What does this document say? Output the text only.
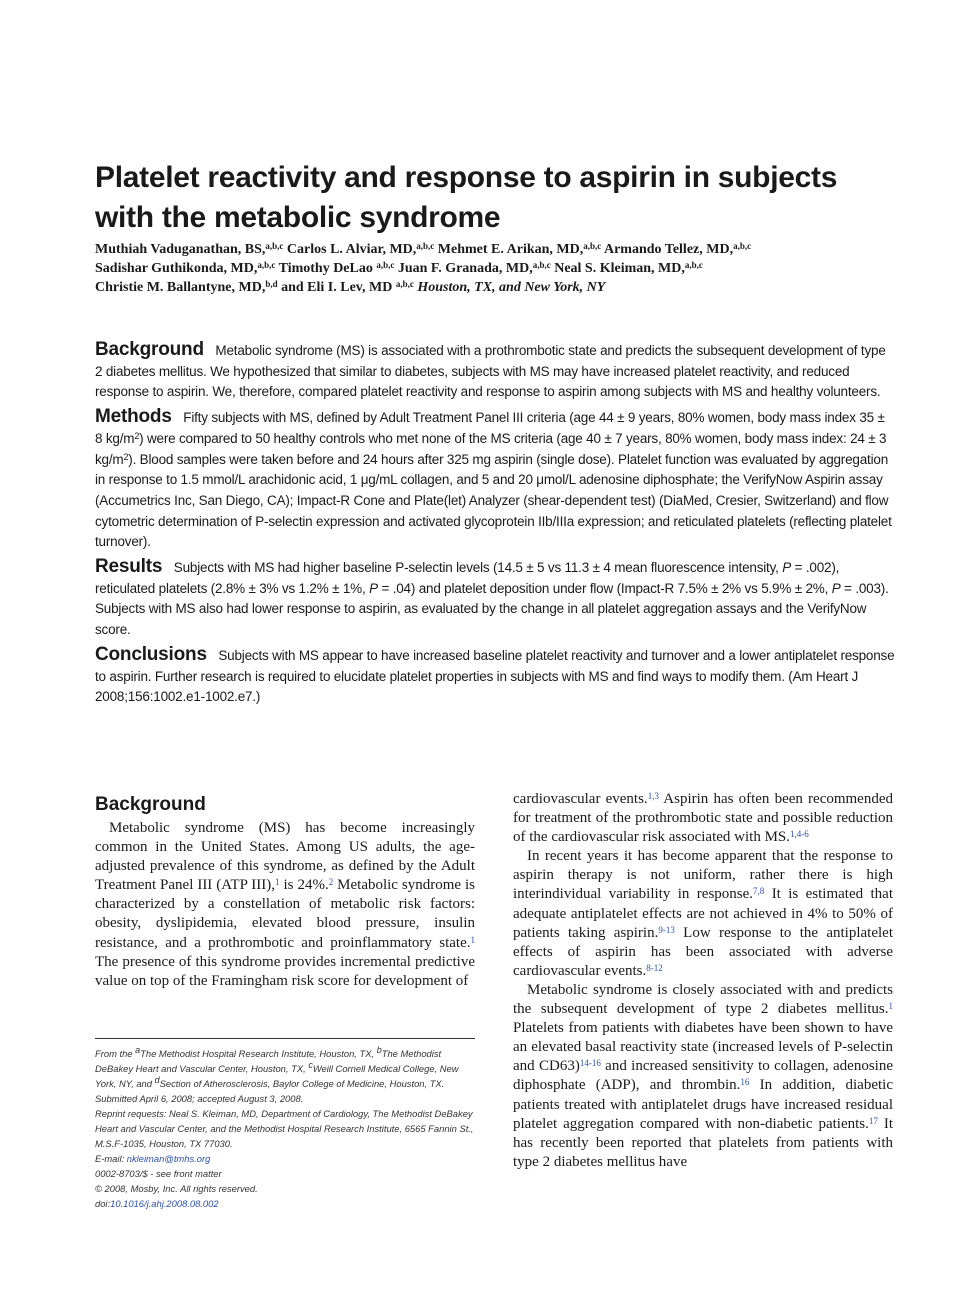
Platelet reactivity and response to aspirin in subjects with the metabolic syndrome
Muthiah Vaduganathan, BS,$^{a,b,c}$ Carlos L. Alviar, MD,$^{a,b,c}$ Mehmet E. Arikan, MD,$^{a,b,c}$ Armando Tellez, MD,$^{a,b,c}$
Sadishar Guthikonda, MD,$^{a,b,c}$ Timothy DeLao $^{a,b,c}$ Juan F. Granada, MD,$^{a,b,c}$ Neal S. Kleiman, MD,$^{a,b,c}$
Christie M. Ballantyne, MD,$^{b,d}$ and Eli I. Lev, MD $^{a,b,c}$ Houston, TX, and New York, NY

Background Metabolic syndrome (MS) is associated with a prothrombotic state and predicts the subsequent development of type 2 diabetes mellitus. We hypothesized that similar to diabetes, subjects with MS may have increased platelet reactivity, and reduced response to aspirin. We, therefore, compared platelet reactivity and response to aspirin among subjects with MS and healthy volunteers.

Methods Fifty subjects with MS, defined by Adult Treatment Panel III criteria (age 44 ± 9 years, 80% women, body mass index 35 ± 8 $kg/m^2$) were compared to 50 healthy controls who met none of the MS criteria (age 40 ± 7 years, 80% women, body mass index: 24 ± 3 $kg/m^2$). Blood samples were taken before and 24 hours after 325 mg aspirin (single dose). Platelet function was evaluated by aggregation in response to 1.5 mmol/L arachidonic acid, 1 μg/mL collagen, and 5 and 20 μmol/L adenosine diphosphate; the VerifyNow Aspirin assay (Accumetrics Inc, San Diego, CA); Impact-R Cone and Plate(let) Analyzer (shear-dependent test) (DiaMed, Cresier, Switzerland) and flow cytometric determination of P-selectin expression and activated glycoprotein IIb/IIIa expression; and reticulated platelets (reflecting platelet turnover).

Results Subjects with MS had higher baseline P-selectin levels (14.5 ± 5 vs 11.3 ± 4 mean fluorescence intensity, P = .002), reticulated platelets (2.8% ± 3% vs 1.2% ± 1%, P = .04) and platelet deposition under flow (Impact-R 7.5% ± 2% vs 5.9% ± 2%, P = .003). Subjects with MS also had lower response to aspirin, as evaluated by the change in all platelet aggregation assays and the VerifyNow score.

Conclusions Subjects with MS appear to have increased baseline platelet reactivity and turnover and a lower antiplatelet response to aspirin. Further research is required to elucidate platelet properties in subjects with MS and find ways to modify them. (Am Heart J 2008;156:1002.e1-1002.e7.)

Background

Metabolic syndrome (MS) has become increasingly common in the United States. Among US adults, the age-adjusted prevalence of this syndrome, as defined by the Adult Treatment Panel III (ATP III),$^1$ is 24%.$^2$ Metabolic syndrome is characterized by a constellation of metabolic risk factors: obesity, dyslipidemia, elevated blood pressure, insulin resistance, and a prothrombotic and proinflammatory state.$^1$ The presence of this syndrome provides incremental predictive value on top of the Framingham risk score for development of

From the $^a$The Methodist Hospital Research Institute, Houston, TX, $^b$The Methodist DeBakey Heart and Vascular Center, Houston, TX, $^c$Weill Cornell Medical College, New York, NY, and $^d$Section of Atherosclerosis, Baylor College of Medicine, Houston, TX.
Submitted April 6, 2008; accepted August 3, 2008.
Reprint requests: Neal S. Kleiman, MD, Department of Cardiology, The Methodist DeBakey Heart and Vascular Center, and the Methodist Hospital Research Institute, 6565 Fannin St., M.S.F-1035, Houston, TX 77030.
E-mail: nkleiman@tmhs.org
0002-8703/$ - see front matter
© 2008, Mosby, Inc. All rights reserved.
doi:10.1016/j.ahj.2008.08.002

cardiovascular events.$^{1,3}$ Aspirin has often been recommended for treatment of the prothrombotic state and possible reduction of the cardiovascular risk associated with MS.$^{1,4-6}$

In recent years it has become apparent that the response to aspirin therapy is not uniform, rather there is high interindividual variability in response.$^{7,8}$ It is estimated that adequate antiplatelet effects are not achieved in 4% to 50% of patients taking aspirin.$^{9-13}$ Low response to the antiplatelet effects of aspirin has been associated with adverse cardiovascular events.$^{8-12}$

Metabolic syndrome is closely associated with and predicts the subsequent development of type 2 diabetes mellitus.$^1$ Platelets from patients with diabetes have been shown to have an elevated basal reactivity state (increased levels of P-selectin and CD63)$^{14-16}$ and increased sensitivity to collagen, adenosine diphosphate (ADP), and thrombin.$^{16}$ In addition, diabetic patients treated with antiplatelet drugs have increased residual platelet aggregation compared with non-diabetic patients.$^{17}$ It has recently been reported that platelets from patients with type 2 diabetes mellitus have
